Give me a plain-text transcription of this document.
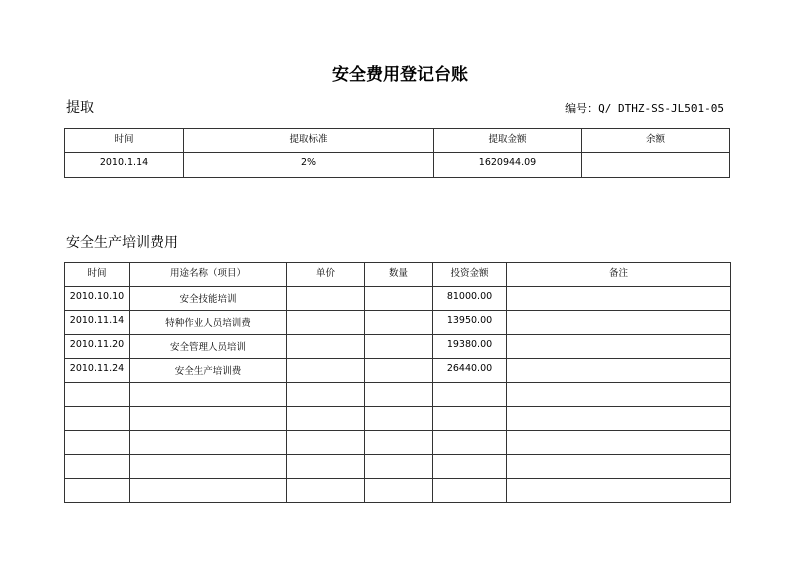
安全费用登记台账
提取	编号：Q/ DTHZ-SS-JL501-05
时间	提取标准	提取金额	余额
2010.1.14	2%	1620944.09	
安全生产培训费用
时间	用途名称（项目）	单价	数量	投资金额	备注
2010.10.10	安全技能培训			81000.00	
2010.11.14	特种作业人员培训费			13950.00	
2010.11.20	安全管理人员培训			19380.00	
2010.11.24	安全生产培训费			26440.00	
